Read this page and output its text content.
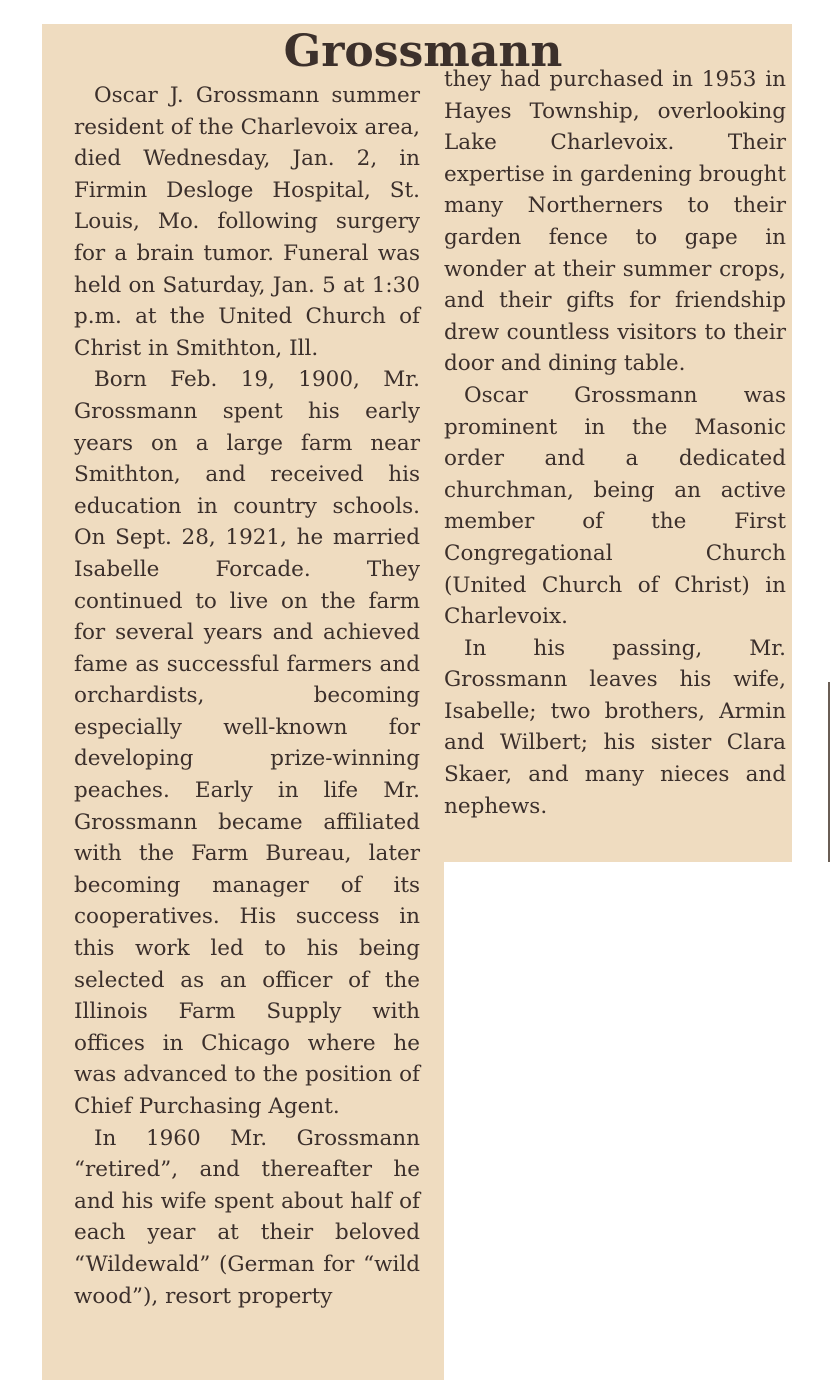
Grossmann

Oscar J. Grossmann summer resident of the Charlevoix area, died Wednesday, Jan. 2, in Firmin Desloge Hospital, St. Louis, Mo. following surgery for a brain tumor. Funeral was held on Saturday, Jan. 5 at 1:30 p.m. at the United Church of Christ in Smithton, Ill.

Born Feb. 19, 1900, Mr. Grossmann spent his early years on a large farm near Smithton, and received his education in country schools. On Sept. 28, 1921, he married Isabelle Forcade. They continued to live on the farm for several years and achieved fame as successful farmers and orchardists, becoming especially well-known for developing prize-winning peaches. Early in life Mr. Grossmann became affiliated with the Farm Bureau, later becoming manager of its cooperatives. His success in this work led to his being selected as an officer of the Illinois Farm Supply with offices in Chicago where he was advanced to the position of Chief Purchasing Agent.

In 1960 Mr. Grossmann “retired”, and thereafter he and his wife spent about half of each year at their beloved “Wildewald” (German for “wild wood”), resort property

they had purchased in 1953 in Hayes Township, overlooking Lake Charlevoix. Their expertise in gardening brought many Northerners to their garden fence to gape in wonder at their summer crops, and their gifts for friendship drew countless visitors to their door and dining table.

Oscar Grossmann was prominent in the Masonic order and a dedicated churchman, being an active member of the First Congregational Church (United Church of Christ) in Charlevoix.

In his passing, Mr. Grossmann leaves his wife, Isabelle; two brothers, Armin and Wilbert; his sister Clara Skaer, and many nieces and nephews.
